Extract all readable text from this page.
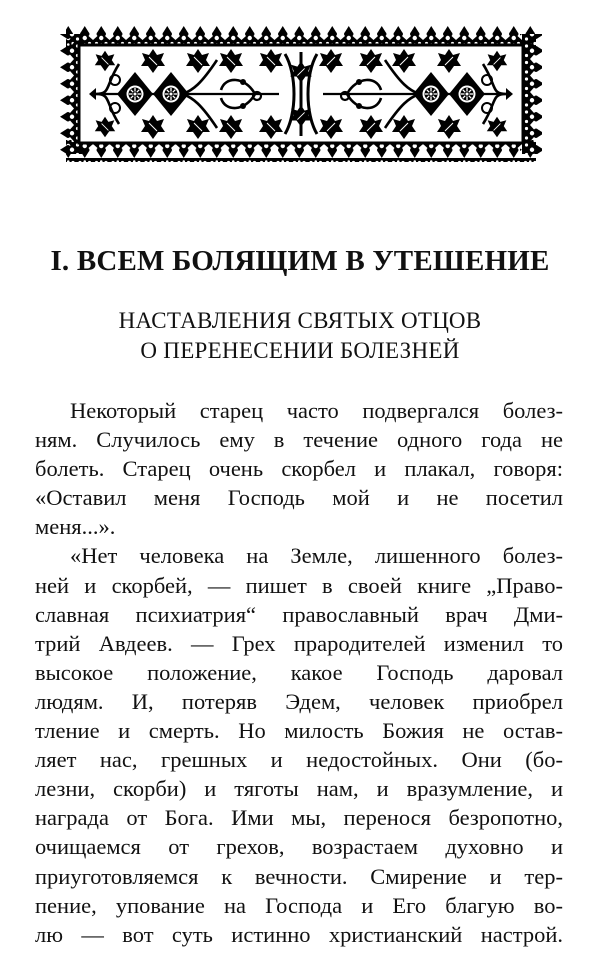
I. ВСЕМ БОЛЯЩИМ В УТЕШЕНИЕ
НАСТАВЛЕНИЯ СВЯТЫХ ОТЦОВ
О ПЕРЕНЕСЕНИИ БОЛЕЗНЕЙ
Некоторый старец часто подвергался болез-
ням. Случилось ему в течение одного года не
болеть. Старец очень скорбел и плакал, говоря:
«Оставил меня Господь мой и не посетил
меня...».
«Нет человека на Земле, лишенного болез-
ней и скорбей, — пишет в своей книге „Право-
славная психиатрия“ православный врач Дми-
трий Авдеев. — Грех прародителей изменил то
высокое положение, какое Господь даровал
людям. И, потеряв Эдем, человек приобрел
тление и смерть. Но милость Божия не остав-
ляет нас, грешных и недостойных. Они (бо-
лезни, скорби) и тяготы нам, и вразумление, и
награда от Бога. Ими мы, перенося безропотно,
очищаемся от грехов, возрастаем духовно и
приуготовляемся к вечности. Смирение и тер-
пение, упование на Господа и Его благую во-
лю — вот суть истинно христианский настрой.
